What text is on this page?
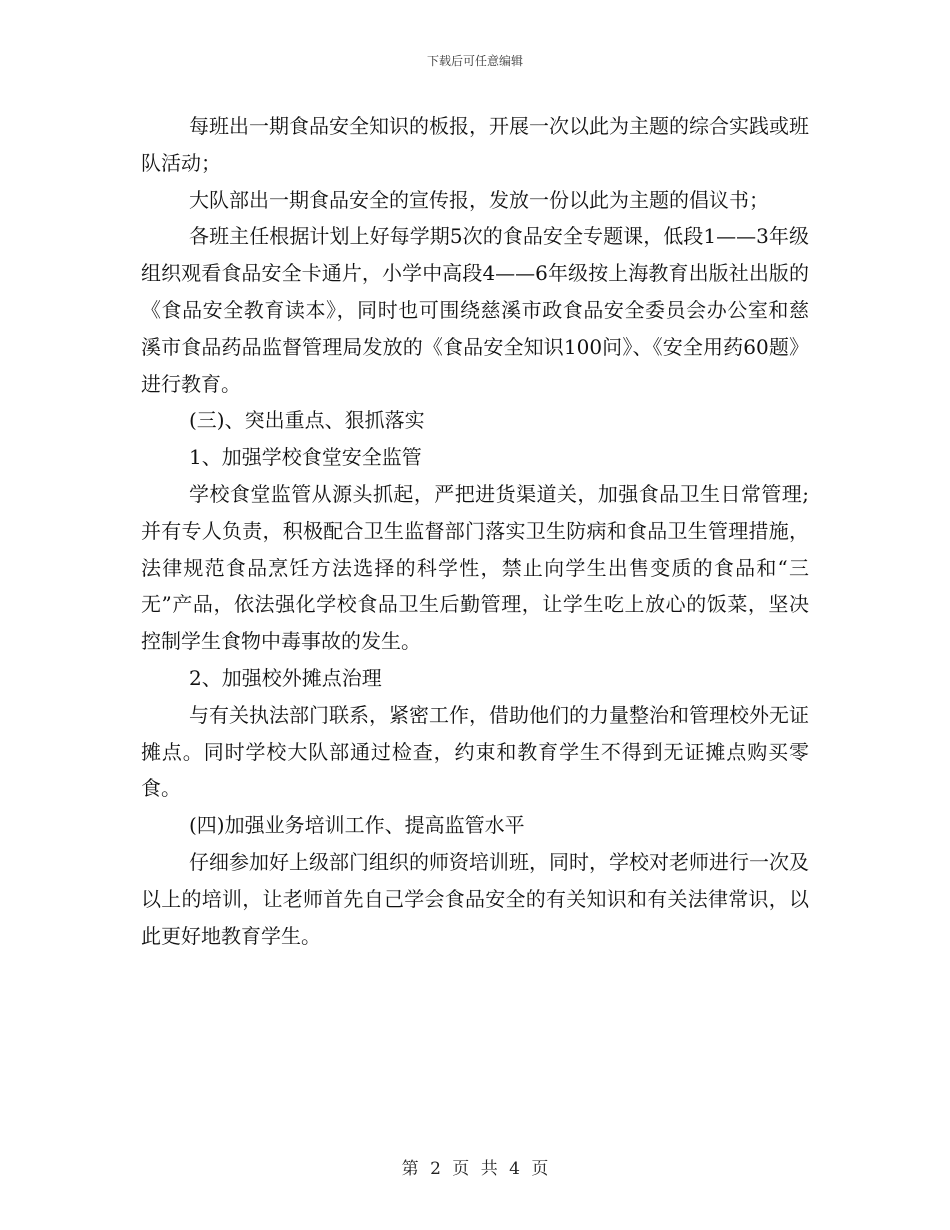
下载后可任意编辑

每班出一期食品安全知识的板报，开展一次以此为主题的综合实践或班队活动；

大队部出一期食品安全的宣传报，发放一份以此为主题的倡议书；

各班主任根据计划上好每学期5次的食品安全专题课，低段1——3年级组织观看食品安全卡通片，小学中高段4——6年级按上海教育出版社出版的《食品安全教育读本》，同时也可围绕慈溪市政食品安全委员会办公室和慈溪市食品药品监督管理局发放的《食品安全知识100问》、《安全用药60题》进行教育。

(三)、突出重点、狠抓落实

1、加强学校食堂安全监管

学校食堂监管从源头抓起，严把进货渠道关，加强食品卫生日常管理;并有专人负责，积极配合卫生监督部门落实卫生防病和食品卫生管理措施，法律规范食品烹饪方法选择的科学性，禁止向学生出售变质的食品和“三无”产品，依法强化学校食品卫生后勤管理，让学生吃上放心的饭菜，坚决控制学生食物中毒事故的发生。

2、加强校外摊点治理

与有关执法部门联系，紧密工作，借助他们的力量整治和管理校外无证摊点。同时学校大队部通过检查，约束和教育学生不得到无证摊点购买零食。

(四)加强业务培训工作、提高监管水平

仔细参加好上级部门组织的师资培训班，同时，学校对老师进行一次及以上的培训，让老师首先自己学会食品安全的有关知识和有关法律常识，以此更好地教育学生。

第 2 页 共 4 页
